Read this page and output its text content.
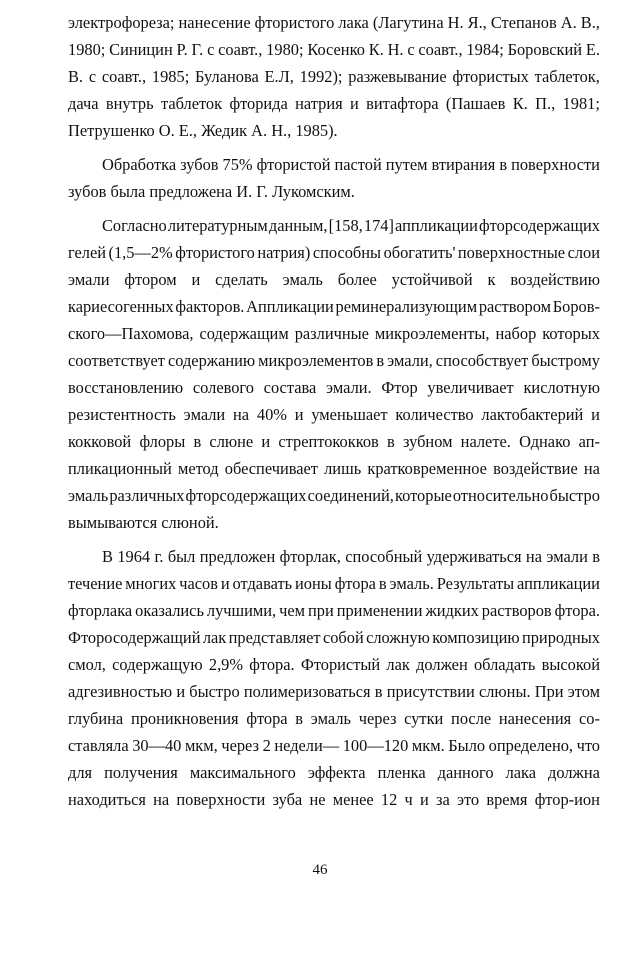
электрофореза; нанесение фтористого лака (Лагутина Н. Я., Степанов А. В.,
1980; Синицин Р. Г. с соавт., 1980; Косенко К. Н. с соавт., 1984; Боровский Е.
В. с соавт., 1985; Буланова Е.Л, 1992); разжевывание фтористых таблеток,
дача внутрь таблеток фторида натрия и витафтора (Пашаев К. П., 1981;
Петрушенко О. Е., Жедик А. Н., 1985).
Обработка зубов 75% фтористой пастой путем втирания в поверхности
зубов была предложена И. Г. Лукомским.
Согласно литературным данным, [158, 174] аппликации фторсодержащих
гелей (1,5—2% фтористого натрия) способны обогатить' поверхностные слои
эмали фтором и сделать эмаль более устойчивой к воздействию
кариесогенных факторов. Аппликации реминерализующим раствором Боров-
ского—Пахомова, содержащим различные микроэлементы, набор которых
соответствует содержанию микроэлементов в эмали, способствует быстрому
восстановлению солевого состава эмали. Фтор увеличивает кислотную
резистентность эмали на 40% и уменьшает количество лактобактерий и
кокковой флоры в слюне и стрептококков в зубном налете. Однако ап-
пликационный метод обеспечивает лишь кратковременное воздействие на
эмаль различных фторсодержащих соединений, которые относительно быстро
вымываются слюной.
В 1964 г. был предложен фторлак, способный удерживаться на эмали в
течение многих часов и отдавать ионы фтора в эмаль. Результаты аппликации
фторлака оказались лучшими, чем при применении жидких растворов фтора.
Фторосодержащий лак представляет собой сложную композицию природных
смол, содержащую 2,9% фтора. Фтористый лак должен обладать высокой
адгезивностью и быстро полимеризоваться в присутствии слюны. При этом
глубина проникновения фтора в эмаль через сутки после нанесения со-
ставляла 30—40 мкм, через 2 недели— 100—120 мкм. Было определено, что
для получения максимального эффекта пленка данного лака должна
находиться на поверхности зуба не менее 12 ч и за это время фтор-ион
46
